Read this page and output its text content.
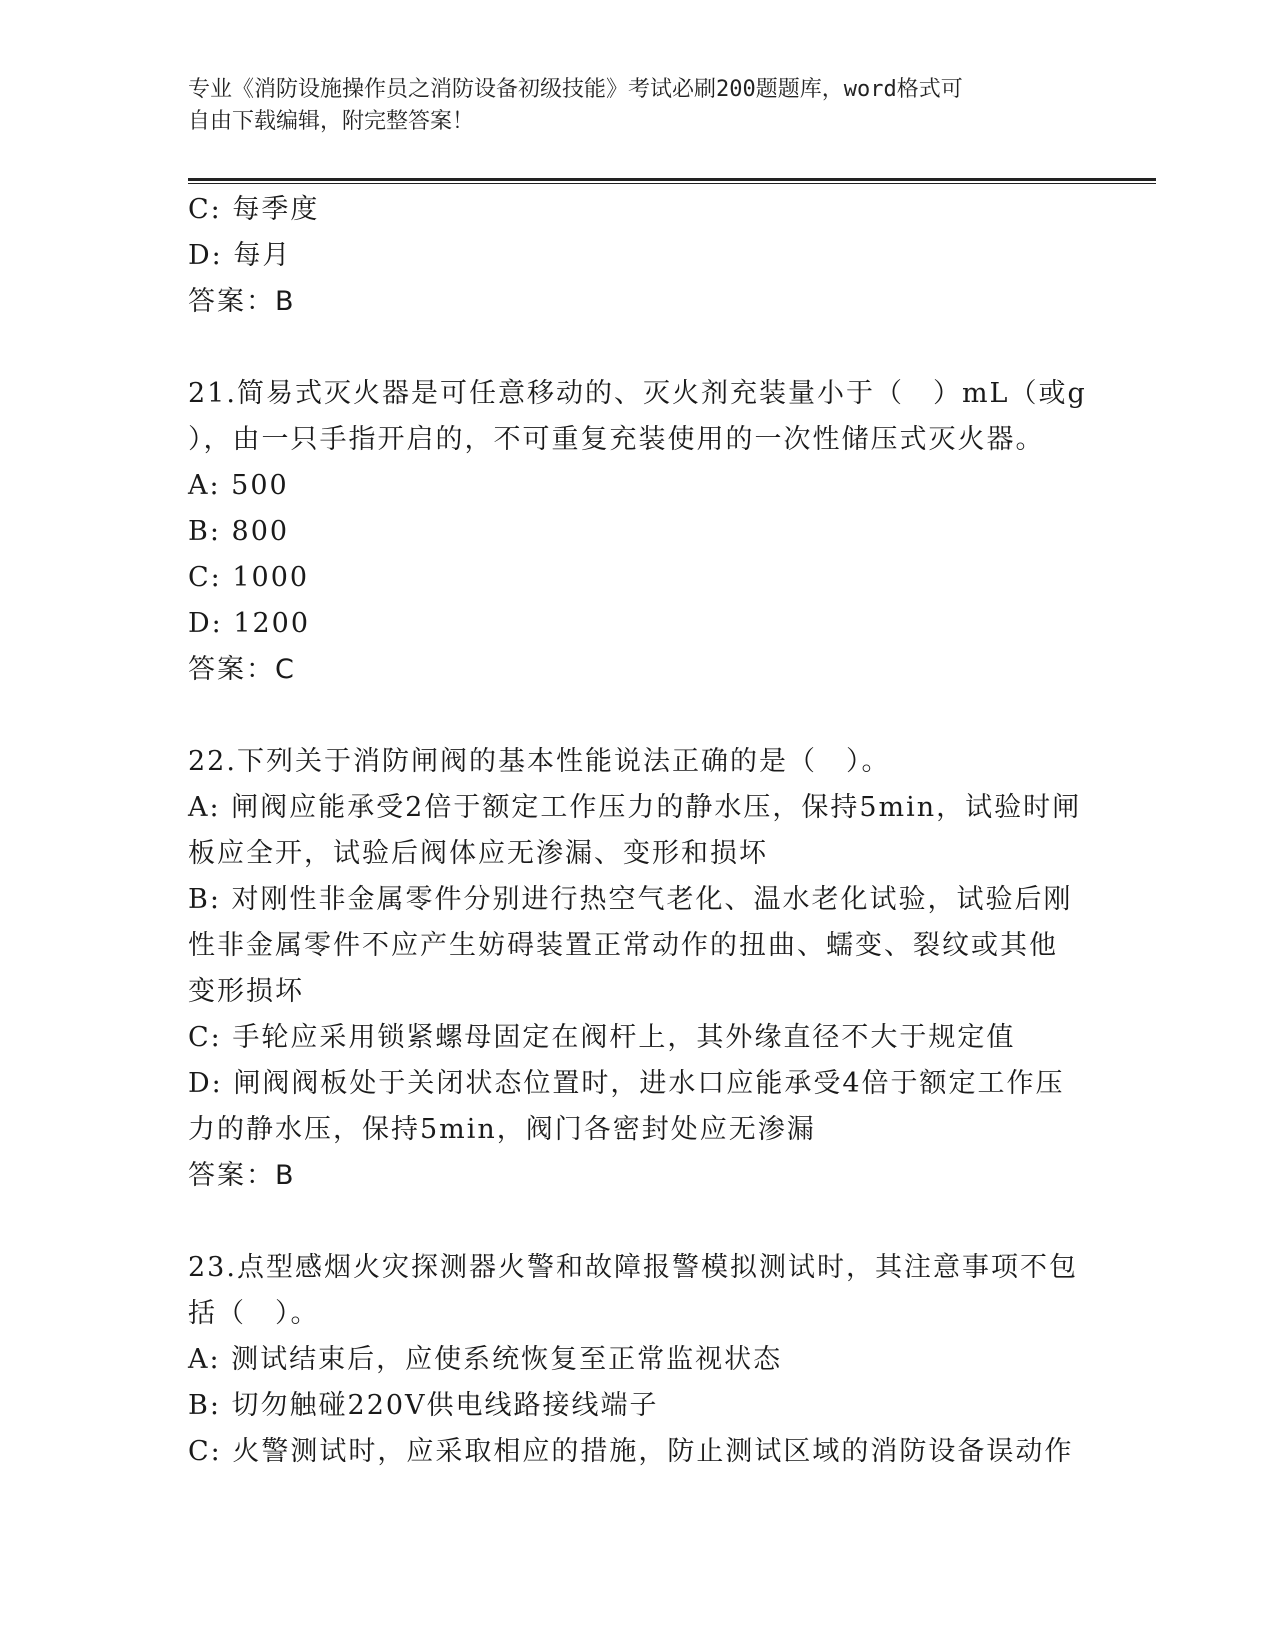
专业《消防设施操作员之消防设备初级技能》考试必刷200题题库，word格式可
自由下载编辑，附完整答案！
C: 每季度
D: 每月
答案：B
21.简易式灭火器是可任意移动的、灭火剂充装量小于（　）mL（或g
），由一只手指开启的，不可重复充装使用的一次性储压式灭火器。
A: 500
B: 800
C: 1000
D: 1200
答案：C
22.下列关于消防闸阀的基本性能说法正确的是（　）。
A: 闸阀应能承受2倍于额定工作压力的静水压，保持5min，试验时闸
板应全开，试验后阀体应无渗漏、变形和损坏
B: 对刚性非金属零件分别进行热空气老化、温水老化试验，试验后刚
性非金属零件不应产生妨碍装置正常动作的扭曲、蠕变、裂纹或其他
变形损坏
C: 手轮应采用锁紧螺母固定在阀杆上，其外缘直径不大于规定值
D: 闸阀阀板处于关闭状态位置时，进水口应能承受4倍于额定工作压
力的静水压，保持5min，阀门各密封处应无渗漏
答案：B
23.点型感烟火灾探测器火警和故障报警模拟测试时，其注意事项不包
括（　）。
A: 测试结束后，应使系统恢复至正常监视状态
B: 切勿触碰220V供电线路接线端子
C: 火警测试时，应采取相应的措施，防止测试区域的消防设备误动作
